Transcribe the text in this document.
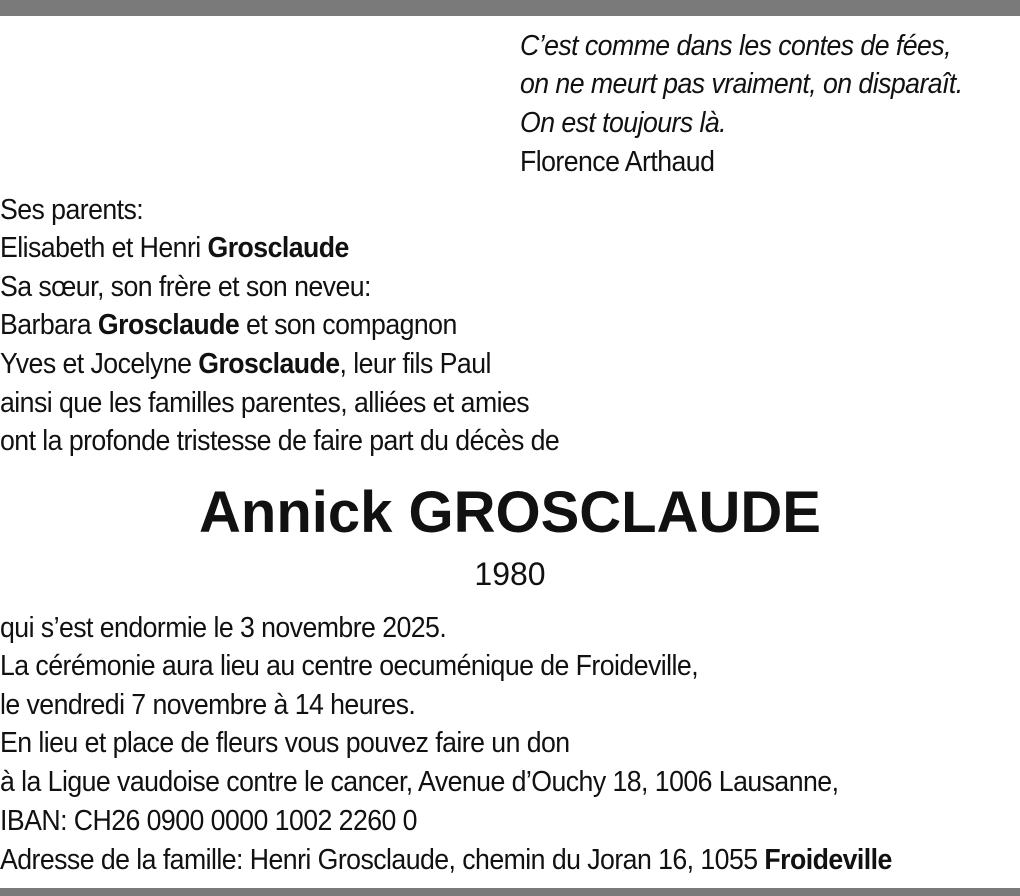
C’est comme dans les contes de fées,
on ne meurt pas vraiment, on disparaît.
On est toujours là.
Florence Arthaud
Ses parents:
Elisabeth et Henri Grosclaude
Sa sœur, son frère et son neveu:
Barbara Grosclaude et son compagnon
Yves et Jocelyne Grosclaude, leur fils Paul
ainsi que les familles parentes, alliées et amies
ont la profonde tristesse de faire part du décès de
Annick GROSCLAUDE
1980
qui s’est endormie le 3 novembre 2025.
La cérémonie aura lieu au centre oecuménique de Froideville,
le vendredi 7 novembre à 14 heures.
En lieu et place de fleurs vous pouvez faire un don
à la Ligue vaudoise contre le cancer, Avenue d’Ouchy 18, 1006 Lausanne,
IBAN: CH26 0900 0000 1002 2260 0
Adresse de la famille: Henri Grosclaude, chemin du Joran 16, 1055 Froideville
